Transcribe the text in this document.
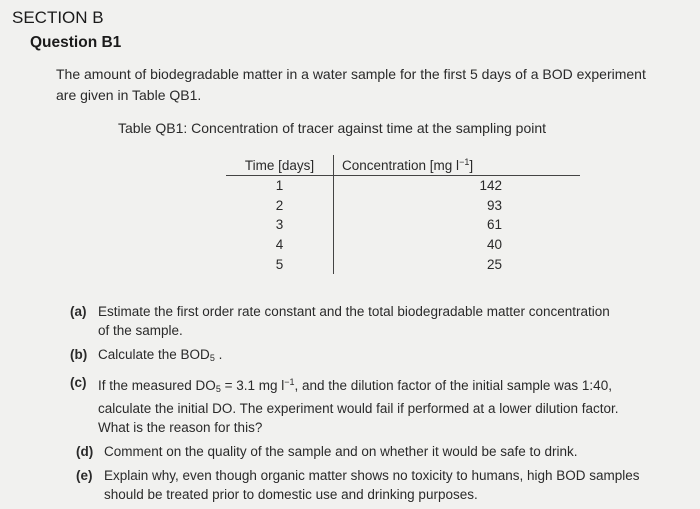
SECTION B
Question B1
The amount of biodegradable matter in a water sample for the first 5 days of a BOD experiment
are given in Table QB1.
Table QB1: Concentration of tracer against time at the sampling point
Time [days]	Concentration [mg $l^{-1}$]
1	142
2	93
3	61
4	40
5	25
(a) Estimate the first order rate constant and the total biodegradable matter concentration
of the sample.
(b) Calculate the $BOD_5$ .
(c) If the measured $DO_5 = 3.1$ mg $l^{-1}$, and the dilution factor of the initial sample was 1:40,
calculate the initial DO. The experiment would fail if performed at a lower dilution factor.
What is the reason for this?
(d) Comment on the quality of the sample and on whether it would be safe to drink.
(e) Explain why, even though organic matter shows no toxicity to humans, high BOD samples
should be treated prior to domestic use and drinking purposes.
